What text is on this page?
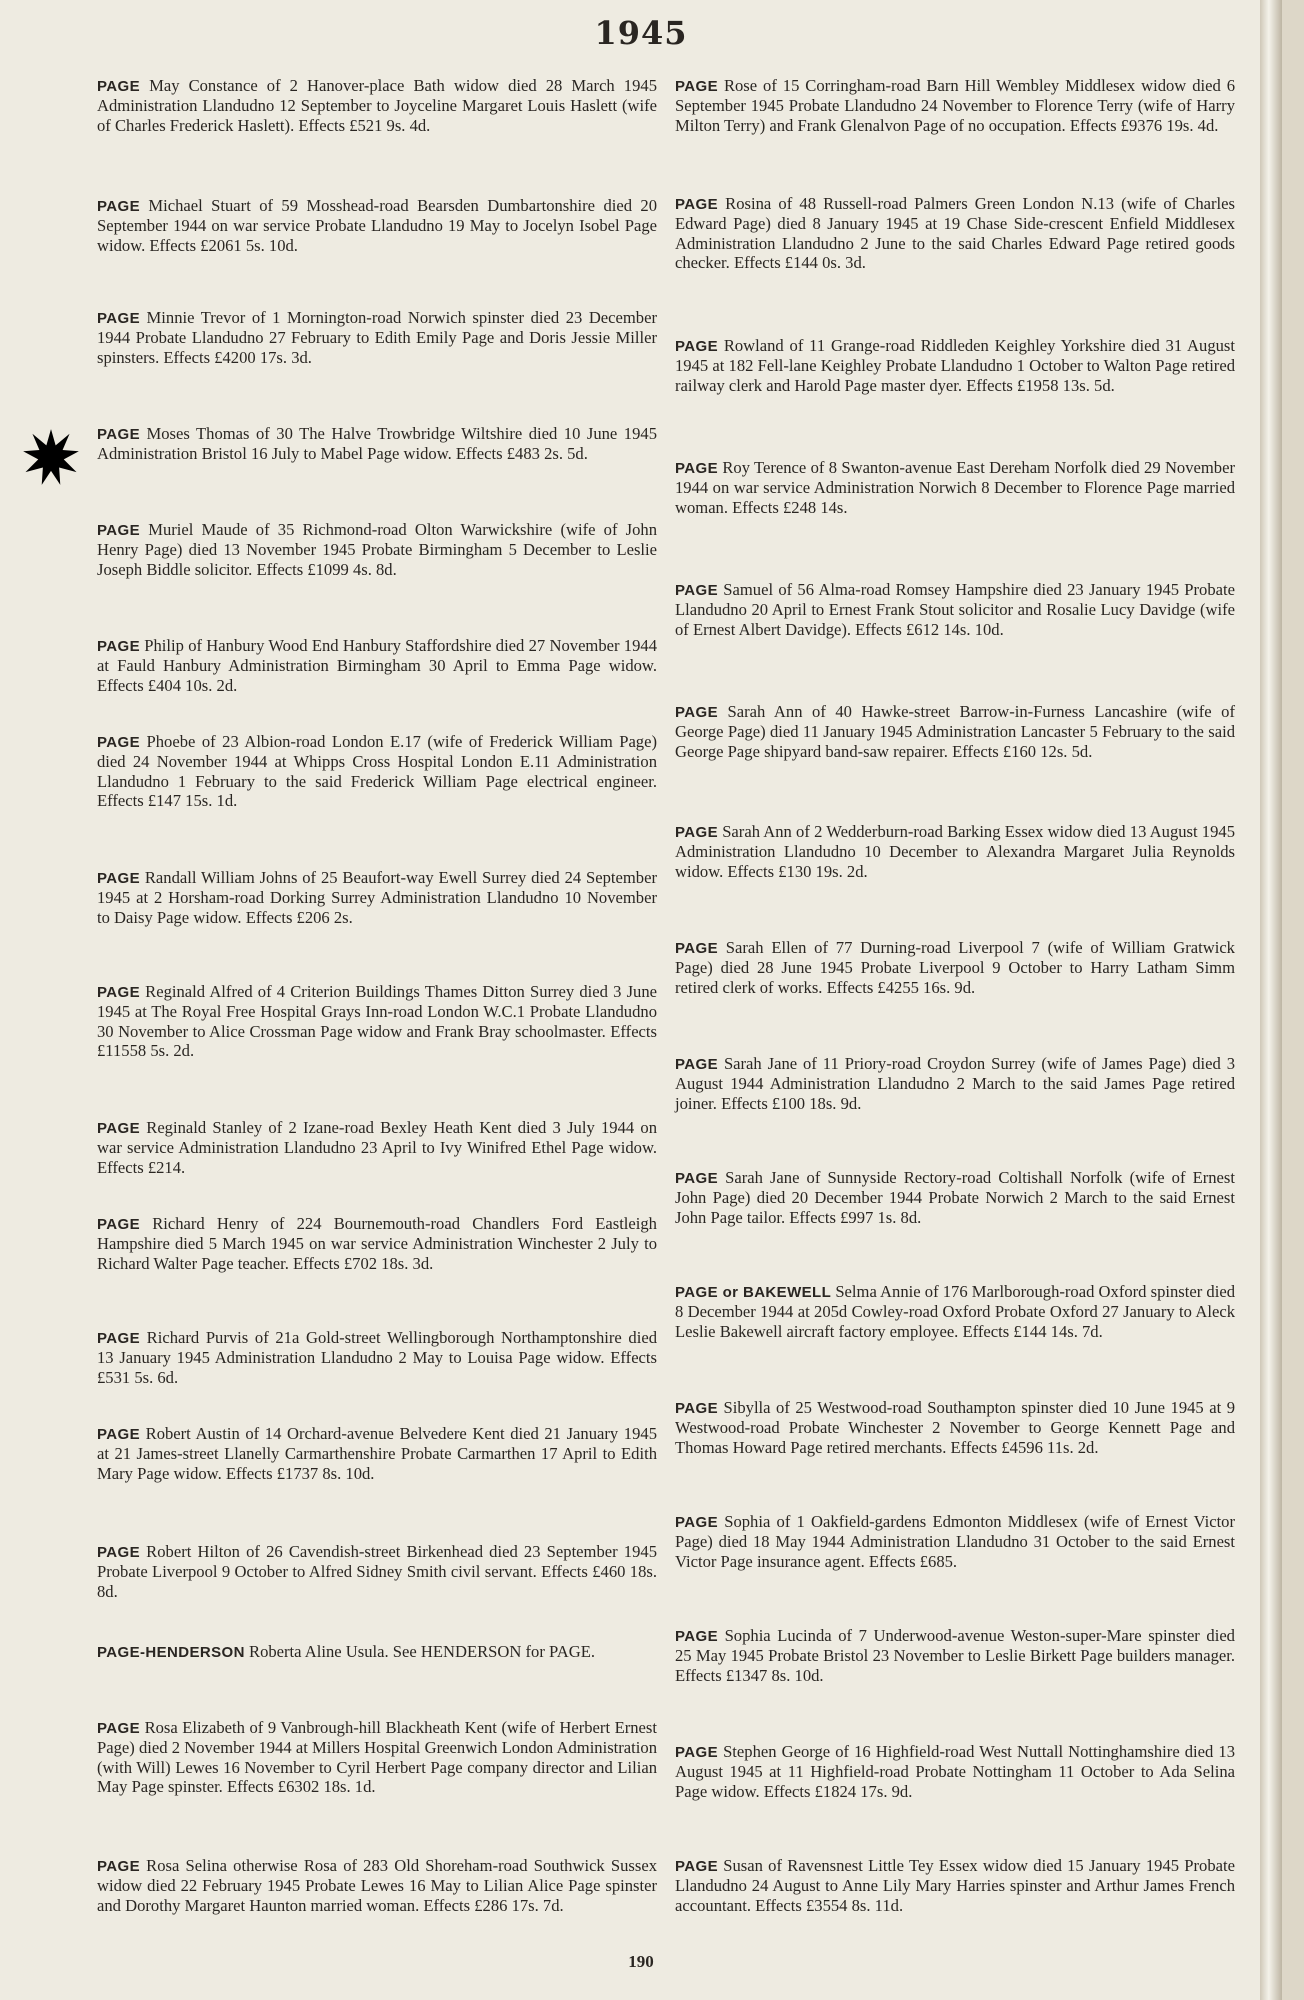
1945
PAGE May Constance of 2 Hanover-place Bath widow died 28 March 1945 Administration Llandudno 12 September to Joyceline Margaret Louis Haslett (wife of Charles Frederick Haslett). Effects £521 9s. 4d.
PAGE Michael Stuart of 59 Mosshead-road Bearsden Dumbartonshire died 20 September 1944 on war service Probate Llandudno 19 May to Jocelyn Isobel Page widow. Effects £2061 5s. 10d.
PAGE Minnie Trevor of 1 Mornington-road Norwich spinster died 23 December 1944 Probate Llandudno 27 February to Edith Emily Page and Doris Jessie Miller spinsters. Effects £4200 17s. 3d.
PAGE Moses Thomas of 30 The Halve Trowbridge Wiltshire died 10 June 1945 Administration Bristol 16 July to Mabel Page widow. Effects £483 2s. 5d.
PAGE Muriel Maude of 35 Richmond-road Olton Warwickshire (wife of John Henry Page) died 13 November 1945 Probate Birmingham 5 December to Leslie Joseph Biddle solicitor. Effects £1099 4s. 8d.
PAGE Philip of Hanbury Wood End Hanbury Staffordshire died 27 November 1944 at Fauld Hanbury Administration Birmingham 30 April to Emma Page widow. Effects £404 10s. 2d.
PAGE Phoebe of 23 Albion-road London E.17 (wife of Frederick William Page) died 24 November 1944 at Whipps Cross Hospital London E.11 Administration Llandudno 1 February to the said Frederick William Page electrical engineer. Effects £147 15s. 1d.
PAGE Randall William Johns of 25 Beaufort-way Ewell Surrey died 24 September 1945 at 2 Horsham-road Dorking Surrey Administration Llandudno 10 November to Daisy Page widow. Effects £206 2s.
PAGE Reginald Alfred of 4 Criterion Buildings Thames Ditton Surrey died 3 June 1945 at The Royal Free Hospital Grays Inn-road London W.C.1 Probate Llandudno 30 November to Alice Crossman Page widow and Frank Bray schoolmaster. Effects £11558 5s. 2d.
PAGE Reginald Stanley of 2 Izane-road Bexley Heath Kent died 3 July 1944 on war service Administration Llandudno 23 April to Ivy Winifred Ethel Page widow. Effects £214.
PAGE Richard Henry of 224 Bournemouth-road Chandlers Ford Eastleigh Hampshire died 5 March 1945 on war service Administration Winchester 2 July to Richard Walter Page teacher. Effects £702 18s. 3d.
PAGE Richard Purvis of 21a Gold-street Wellingborough Northamptonshire died 13 January 1945 Administration Llandudno 2 May to Louisa Page widow. Effects £531 5s. 6d.
PAGE Robert Austin of 14 Orchard-avenue Belvedere Kent died 21 January 1945 at 21 James-street Llanelly Carmarthenshire Probate Carmarthen 17 April to Edith Mary Page widow. Effects £1737 8s. 10d.
PAGE Robert Hilton of 26 Cavendish-street Birkenhead died 23 September 1945 Probate Liverpool 9 October to Alfred Sidney Smith civil servant. Effects £460 18s. 8d.
PAGE-HENDERSON Roberta Aline Usula. See HENDERSON for PAGE.
PAGE Rosa Elizabeth of 9 Vanbrough-hill Blackheath Kent (wife of Herbert Ernest Page) died 2 November 1944 at Millers Hospital Greenwich London Administration (with Will) Lewes 16 November to Cyril Herbert Page company director and Lilian May Page spinster. Effects £6302 18s. 1d.
PAGE Rosa Selina otherwise Rosa of 283 Old Shoreham-road Southwick Sussex widow died 22 February 1945 Probate Lewes 16 May to Lilian Alice Page spinster and Dorothy Margaret Haunton married woman. Effects £286 17s. 7d.
PAGE Rose of 15 Corringham-road Barn Hill Wembley Middlesex widow died 6 September 1945 Probate Llandudno 24 November to Florence Terry (wife of Harry Milton Terry) and Frank Glenalvon Page of no occupation. Effects £9376 19s. 4d.
PAGE Rosina of 48 Russell-road Palmers Green London N.13 (wife of Charles Edward Page) died 8 January 1945 at 19 Chase Side-crescent Enfield Middlesex Administration Llandudno 2 June to the said Charles Edward Page retired goods checker. Effects £144 0s. 3d.
PAGE Rowland of 11 Grange-road Riddleden Keighley Yorkshire died 31 August 1945 at 182 Fell-lane Keighley Probate Llandudno 1 October to Walton Page retired railway clerk and Harold Page master dyer. Effects £1958 13s. 5d.
PAGE Roy Terence of 8 Swanton-avenue East Dereham Norfolk died 29 November 1944 on war service Administration Norwich 8 December to Florence Page married woman. Effects £248 14s.
PAGE Samuel of 56 Alma-road Romsey Hampshire died 23 January 1945 Probate Llandudno 20 April to Ernest Frank Stout solicitor and Rosalie Lucy Davidge (wife of Ernest Albert Davidge). Effects £612 14s. 10d.
PAGE Sarah Ann of 40 Hawke-street Barrow-in-Furness Lancashire (wife of George Page) died 11 January 1945 Administration Lancaster 5 February to the said George Page shipyard band-saw repairer. Effects £160 12s. 5d.
PAGE Sarah Ann of 2 Wedderburn-road Barking Essex widow died 13 August 1945 Administration Llandudno 10 December to Alexandra Margaret Julia Reynolds widow. Effects £130 19s. 2d.
PAGE Sarah Ellen of 77 Durning-road Liverpool 7 (wife of William Gratwick Page) died 28 June 1945 Probate Liverpool 9 October to Harry Latham Simm retired clerk of works. Effects £4255 16s. 9d.
PAGE Sarah Jane of 11 Priory-road Croydon Surrey (wife of James Page) died 3 August 1944 Administration Llandudno 2 March to the said James Page retired joiner. Effects £100 18s. 9d.
PAGE Sarah Jane of Sunnyside Rectory-road Coltishall Norfolk (wife of Ernest John Page) died 20 December 1944 Probate Norwich 2 March to the said Ernest John Page tailor. Effects £997 1s. 8d.
PAGE or BAKEWELL Selma Annie of 176 Marlborough-road Oxford spinster died 8 December 1944 at 205d Cowley-road Oxford Probate Oxford 27 January to Aleck Leslie Bakewell aircraft factory employee. Effects £144 14s. 7d.
PAGE Sibylla of 25 Westwood-road Southampton spinster died 10 June 1945 at 9 Westwood-road Probate Winchester 2 November to George Kennett Page and Thomas Howard Page retired merchants. Effects £4596 11s. 2d.
PAGE Sophia of 1 Oakfield-gardens Edmonton Middlesex (wife of Ernest Victor Page) died 18 May 1944 Administration Llandudno 31 October to the said Ernest Victor Page insurance agent. Effects £685.
PAGE Sophia Lucinda of 7 Underwood-avenue Weston-super-Mare spinster died 25 May 1945 Probate Bristol 23 November to Leslie Birkett Page builders manager. Effects £1347 8s. 10d.
PAGE Stephen George of 16 Highfield-road West Nuttall Nottinghamshire died 13 August 1945 at 11 Highfield-road Probate Nottingham 11 October to Ada Selina Page widow. Effects £1824 17s. 9d.
PAGE Susan of Ravensnest Little Tey Essex widow died 15 January 1945 Probate Llandudno 24 August to Anne Lily Mary Harries spinster and Arthur James French accountant. Effects £3554 8s. 11d.
190
